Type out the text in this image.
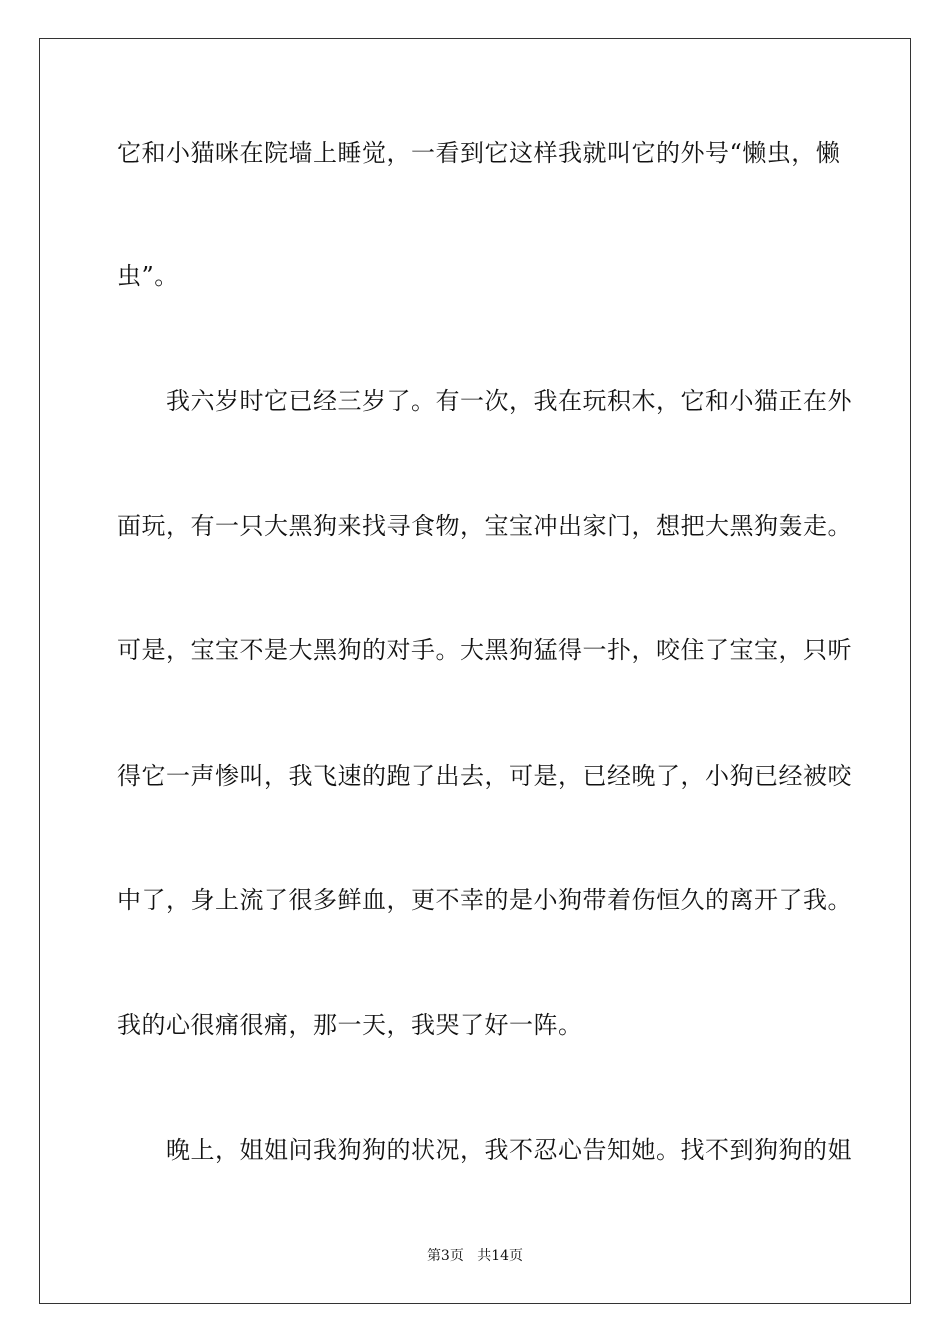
它和小猫咪在院墙上睡觉，一看到它这样我就叫它的外号“懒虫，懒
虫”。
　　我六岁时它已经三岁了。有一次，我在玩积木，它和小猫正在外
面玩，有一只大黑狗来找寻食物，宝宝冲出家门，想把大黑狗轰走。
可是，宝宝不是大黑狗的对手。大黑狗猛得一扑，咬住了宝宝，只听
得它一声惨叫，我飞速的跑了出去，可是，已经晚了，小狗已经被咬
中了，身上流了很多鲜血，更不幸的是小狗带着伤恒久的离开了我。
我的心很痛很痛，那一天，我哭了好一阵。
　　晚上，姐姐问我狗狗的状况，我不忍心告知她。找不到狗狗的姐
第3页 共14页
